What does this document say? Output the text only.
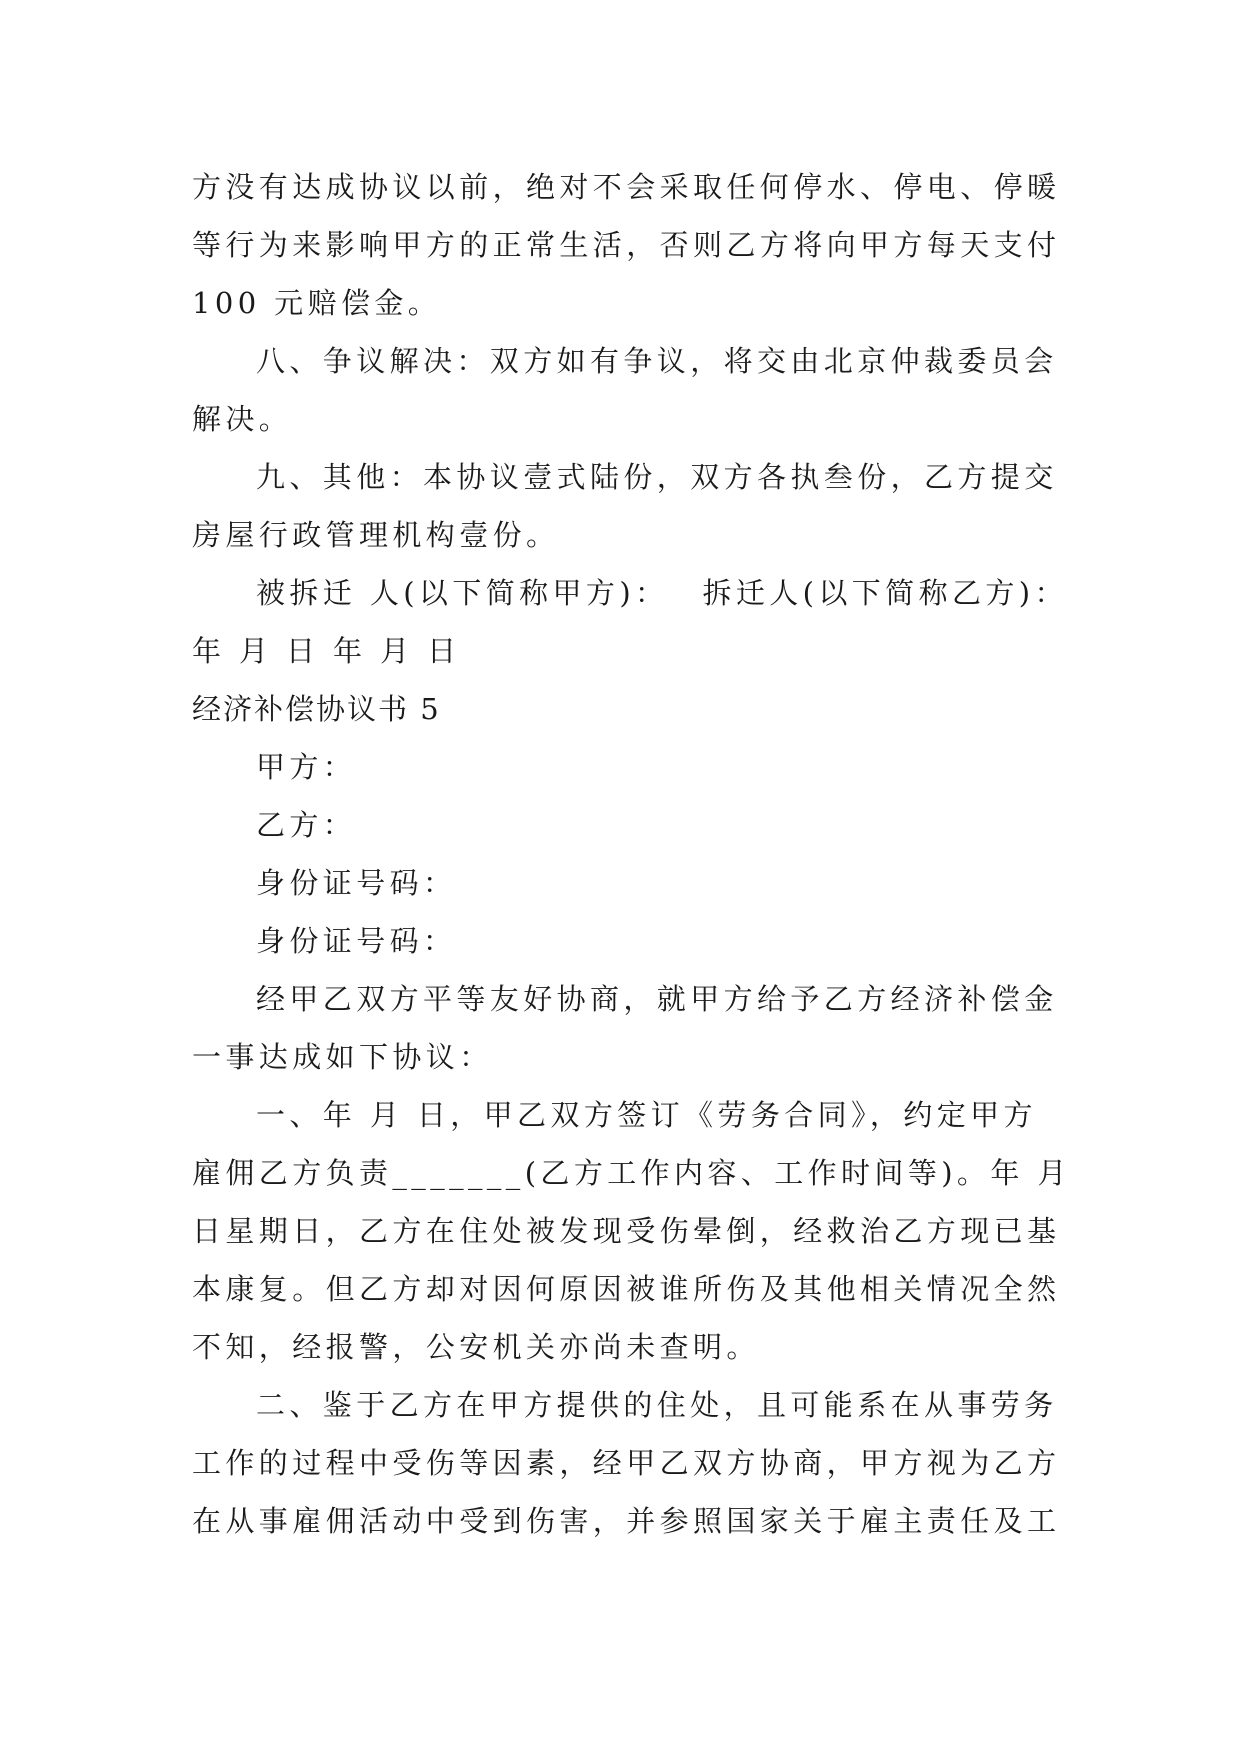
方没有达成协议以前，绝对不会采取任何停水、停电、停暖
等行为来影响甲方的正常生活，否则乙方将向甲方每天支付
100 元赔偿金。
八、争议解决：双方如有争议，将交由北京仲裁委员会
解决。
九、其他：本协议壹式陆份，双方各执叁份，乙方提交
房屋行政管理机构壹份。
被拆迁 人(以下简称甲方)： 拆迁人(以下简称乙方)：
年 月 日 年 月 日
经济补偿协议书 5
甲方：
乙方：
身份证号码：
身份证号码：
经甲乙双方平等友好协商，就甲方给予乙方经济补偿金
一事达成如下协议：
一、年 月 日，甲乙双方签订《劳务合同》，约定甲方
雇佣乙方负责_______(乙方工作内容、工作时间等)。年 月
日星期日，乙方在住处被发现受伤晕倒，经救治乙方现已基
本康复。但乙方却对因何原因被谁所伤及其他相关情况全然
不知，经报警，公安机关亦尚未查明。
二、鉴于乙方在甲方提供的住处，且可能系在从事劳务
工作的过程中受伤等因素，经甲乙双方协商，甲方视为乙方
在从事雇佣活动中受到伤害，并参照国家关于雇主责任及工
